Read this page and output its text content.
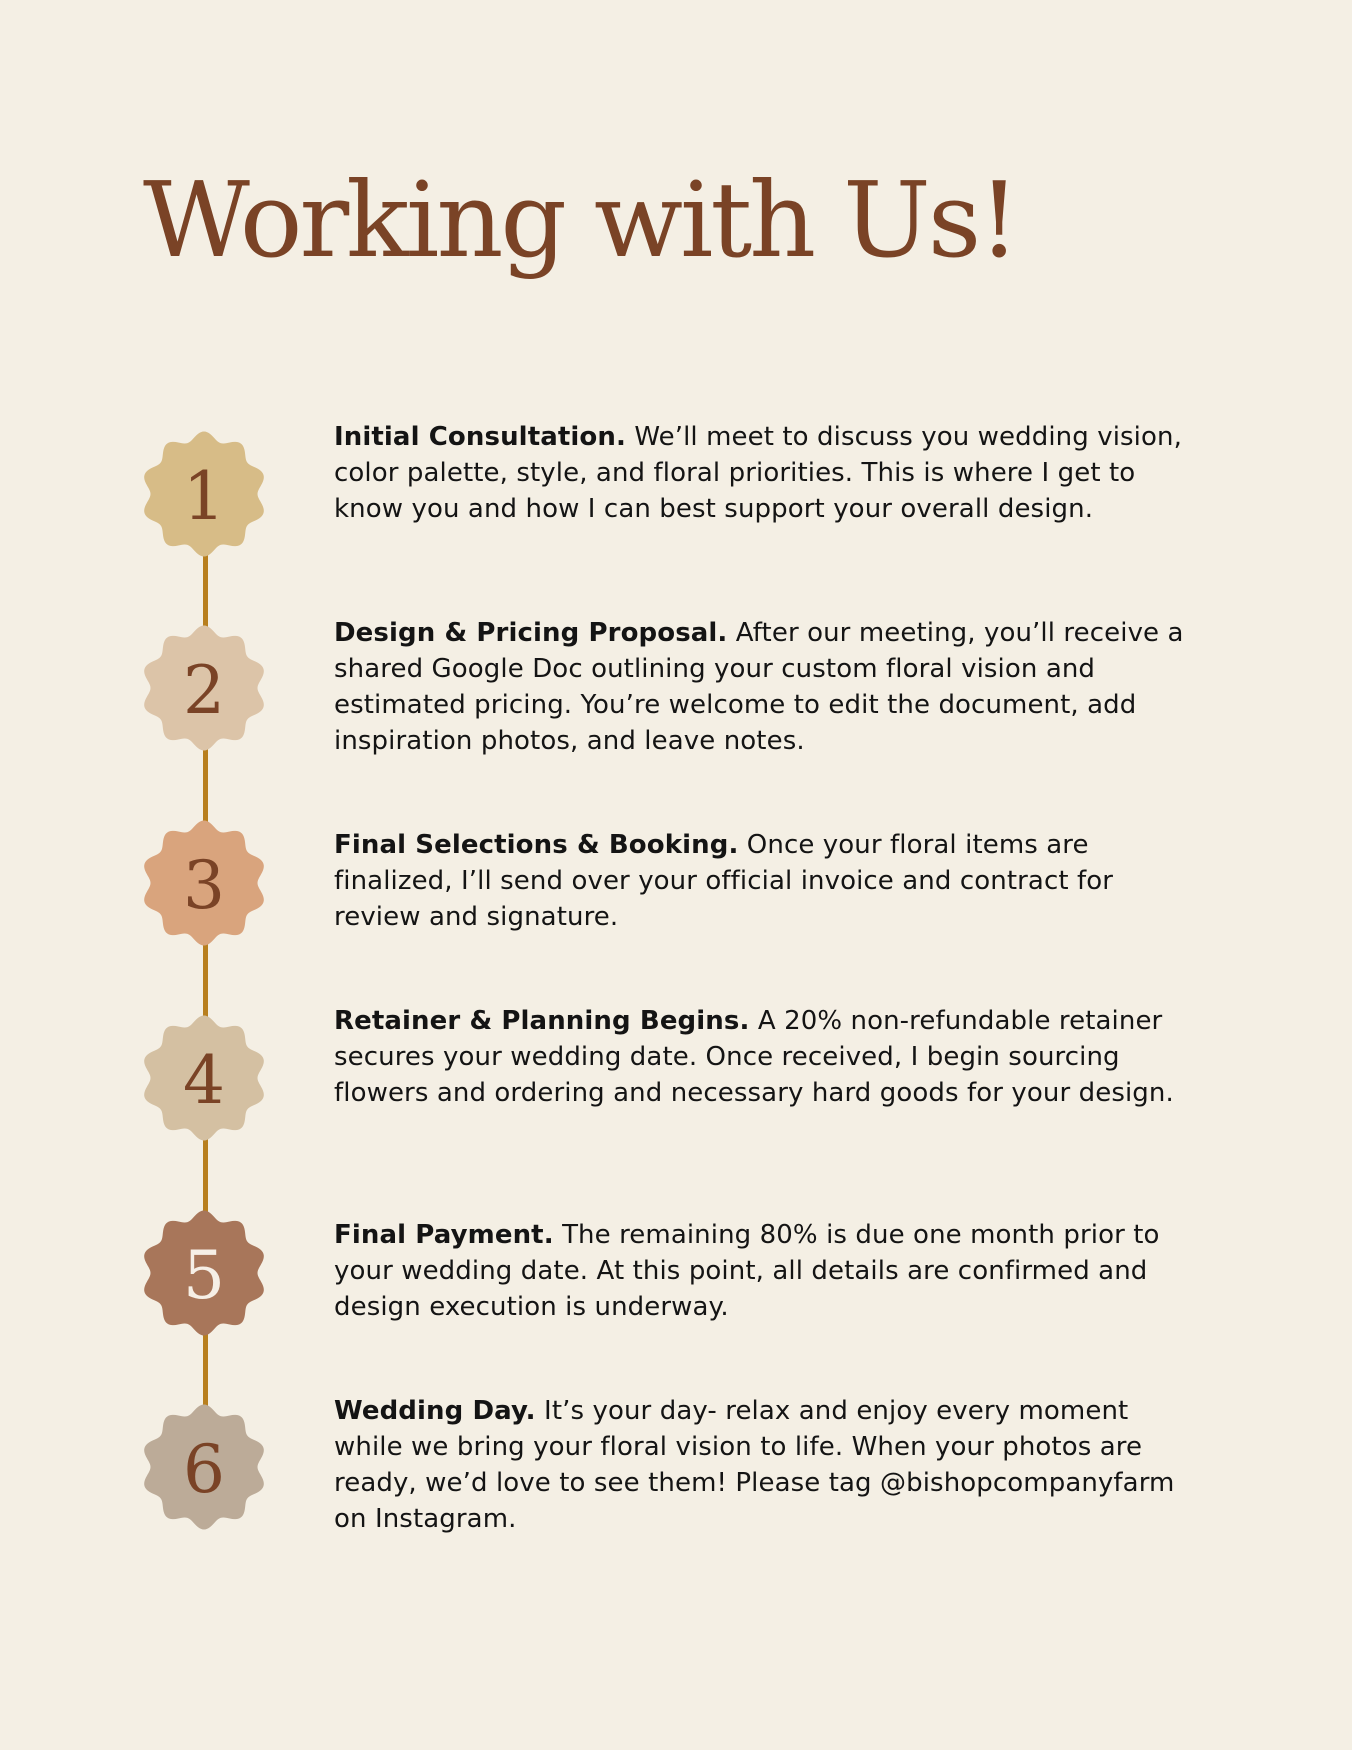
Working with Us!
1

Initial Consultation. We’ll meet to discuss you wedding vision, color palette, style, and floral priorities. This is where I get to know you and how I can best support your overall design.

2

Design & Pricing Proposal. After our meeting, you’ll receive a shared Google Doc outlining your custom floral vision and estimated pricing. You’re welcome to edit the document, add inspiration photos, and leave notes.

3

Final Selections & Booking. Once your floral items are finalized, I’ll send over your official invoice and contract for review and signature.

4

Retainer & Planning Begins. A 20% non-refundable retainer secures your wedding date. Once received, I begin sourcing flowers and ordering and necessary hard goods for your design.

5

Final Payment. The remaining 80% is due one month prior to your wedding date. At this point, all details are confirmed and design execution is underway.

6

Wedding Day. It’s your day- relax and enjoy every moment while we bring your floral vision to life. When your photos are ready, we’d love to see them! Please tag @bishopcompanyfarm on Instagram.
